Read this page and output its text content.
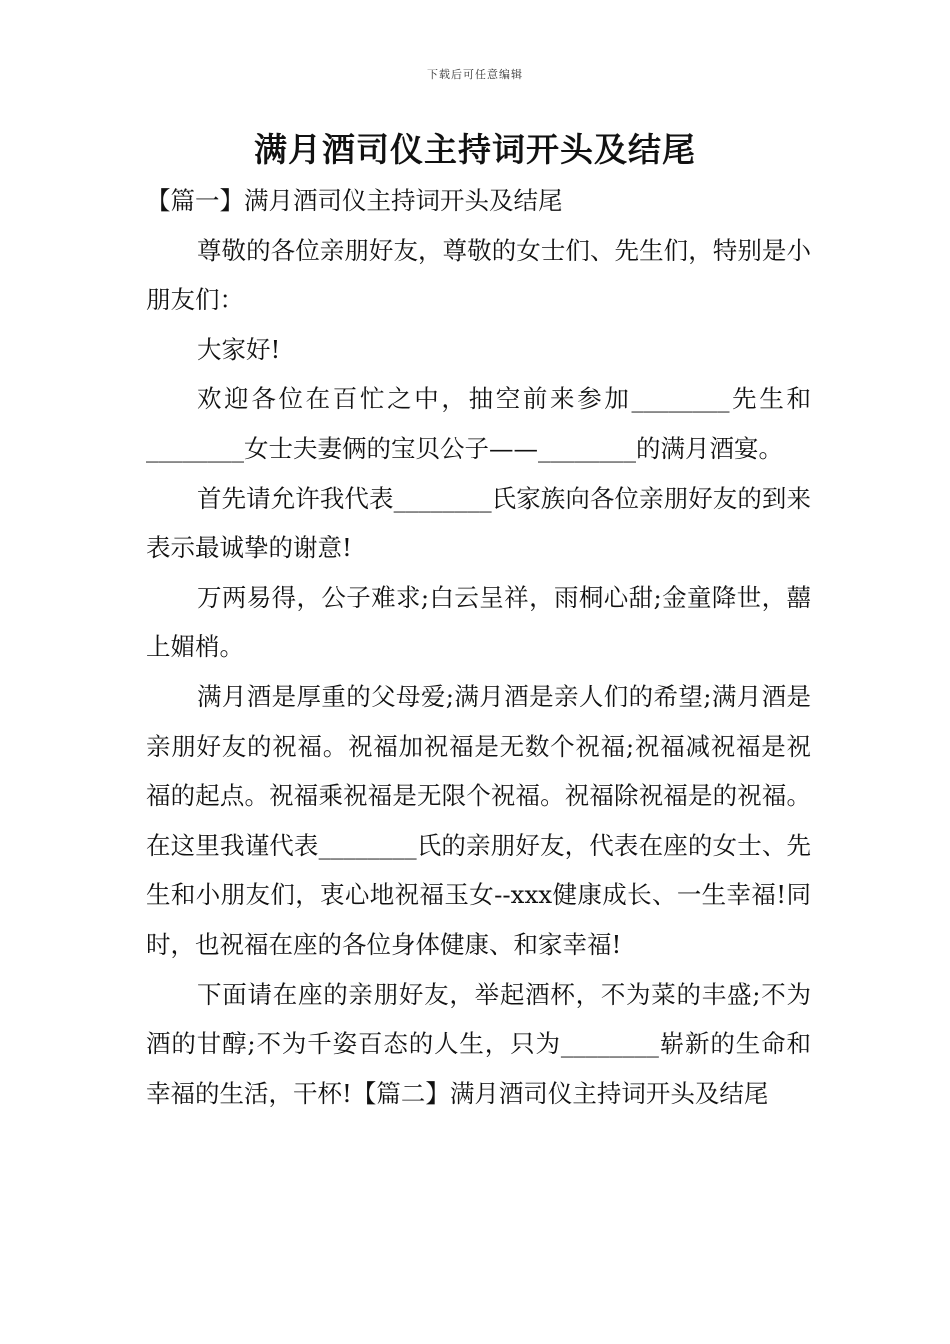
下载后可任意编辑
满月酒司仪主持词开头及结尾

【篇一】满月酒司仪主持词开头及结尾

尊敬的各位亲朋好友，尊敬的女士们、先生们，特别是小朋友们：

大家好!

欢迎各位在百忙之中，抽空前来参加________先生和________女士夫妻俩的宝贝公子——________的满月酒宴。

首先请允许我代表________氏家族向各位亲朋好友的到来表示最诚挚的谢意!

万两易得，公子难求;白云呈祥，雨桐心甜;金童降世，囍上媚梢。

满月酒是厚重的父母爱;满月酒是亲人们的希望;满月酒是亲朋好友的祝福。祝福加祝福是无数个祝福;祝福减祝福是祝福的起点。祝福乘祝福是无限个祝福。祝福除祝福是的祝福。在这里我谨代表________氏的亲朋好友，代表在座的女士、先生和小朋友们，衷心地祝福玉女--xxx健康成长、一生幸福!同时，也祝福在座的各位身体健康、和家幸福!

下面请在座的亲朋好友，举起酒杯，不为菜的丰盛;不为酒的甘醇;不为千姿百态的人生，只为________崭新的生命和幸福的生活，干杯!【篇二】满月酒司仪主持词开头及结尾
